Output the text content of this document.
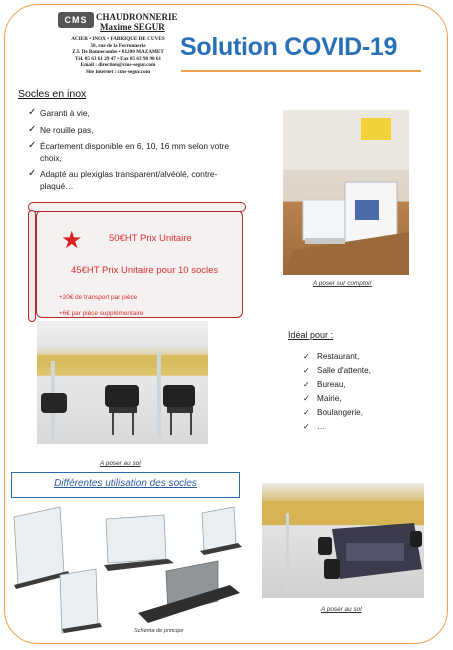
CMS CHAUDRONNERIE
Maxime SEGUR
ACIER • INOX • FABRIQUE DE CUVES
50, rue de la Ferronnerie
Z.I. De Bonnecombe • 81200 MAZAMET
Tél. 05 63 61 29 47 • Fax 05 63 98 90 61
Email : direction@cms-segur.com
Site internet : cms-segur.com
Solution COVID-19
Socles en inox
✓ Garanti à vie,
✓ Ne rouille pas,
✓ Écartement disponible en 6, 10, 16 mm selon votre choix,
✓ Adapté au plexiglas transparent/alvéolé, contre-plaqué…
★	50€HT Prix Unitaire
45€HT Prix Unitaire pour 10 socles
+20€ de transport par pièce
+6€ par pièce supplémentaire
A poser sur comptoir
A poser au sol
Idéal pour :
✓ Restaurant,
✓ Salle d'attente,
✓ Bureau,
✓ Mairie,
✓ Boulangerie,
✓ …
Différentes utilisation des socles
Schéma de principe
A poser au sol
